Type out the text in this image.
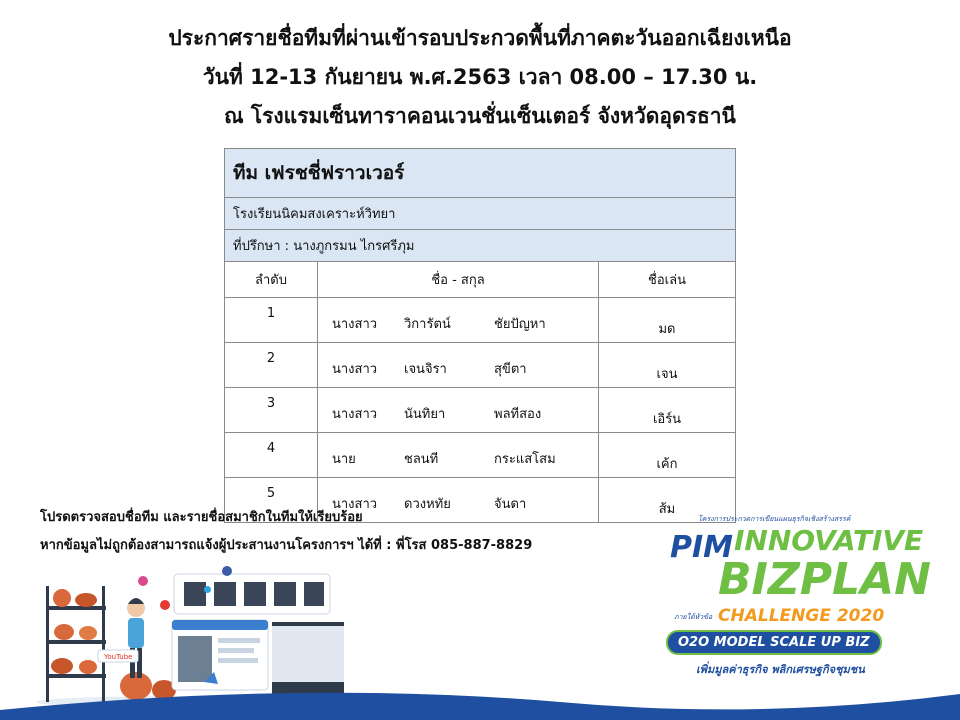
ประกาศรายชื่อทีมที่ผ่านเข้ารอบประกวดพื้นที่ภาคตะวันออกเฉียงเหนือ
วันที่ 12-13 กันยายน พ.ศ.2563 เวลา 08.00 – 17.30 น.
ณ โรงแรมเซ็นทาราคอนเวนชั่นเซ็นเตอร์ จังหวัดอุดรธานี
ทีม เฟรชชี่ฟราวเวอร์		
โรงเรียนนิคมสงเคราะห์วิทยา		
ที่ปรึกษา : นางภูกรมน ไกรศรีภุม		
ลำดับ	ชื่อ - สกุล	ชื่อเล่น
1	นางสาว วิการัตน์ ชัยปัญหา	มด
2	นางสาว เจนจิรา สุขีตา	เจน
3	นางสาว นันทิยา พลทีสอง	เอิร์น
4	นาย ชลนที กระแสโสม	เค้ก
5	นางสาว ดวงหทัย จันดา	ส้ม
โปรดตรวจสอบชื่อทีม และรายชื่อสมาชิกในทีมให้เรียบร้อย
หากข้อมูลไม่ถูกต้องสามารถแจ้งผู้ประสานงานโครงการฯ ได้ที่ : พี่โรส 085-887-8829
YouTube
โครงการประกวดการเขียนแผนธุรกิจเชิงสร้างสรรค์
PIM INNOVATIVE
BIZPLAN
ภายใต้หัวข้อ CHALLENGE 2020
O2O MODEL SCALE UP BIZ
เพิ่มมูลค่าธุรกิจ พลิกเศรษฐกิจชุมชน
